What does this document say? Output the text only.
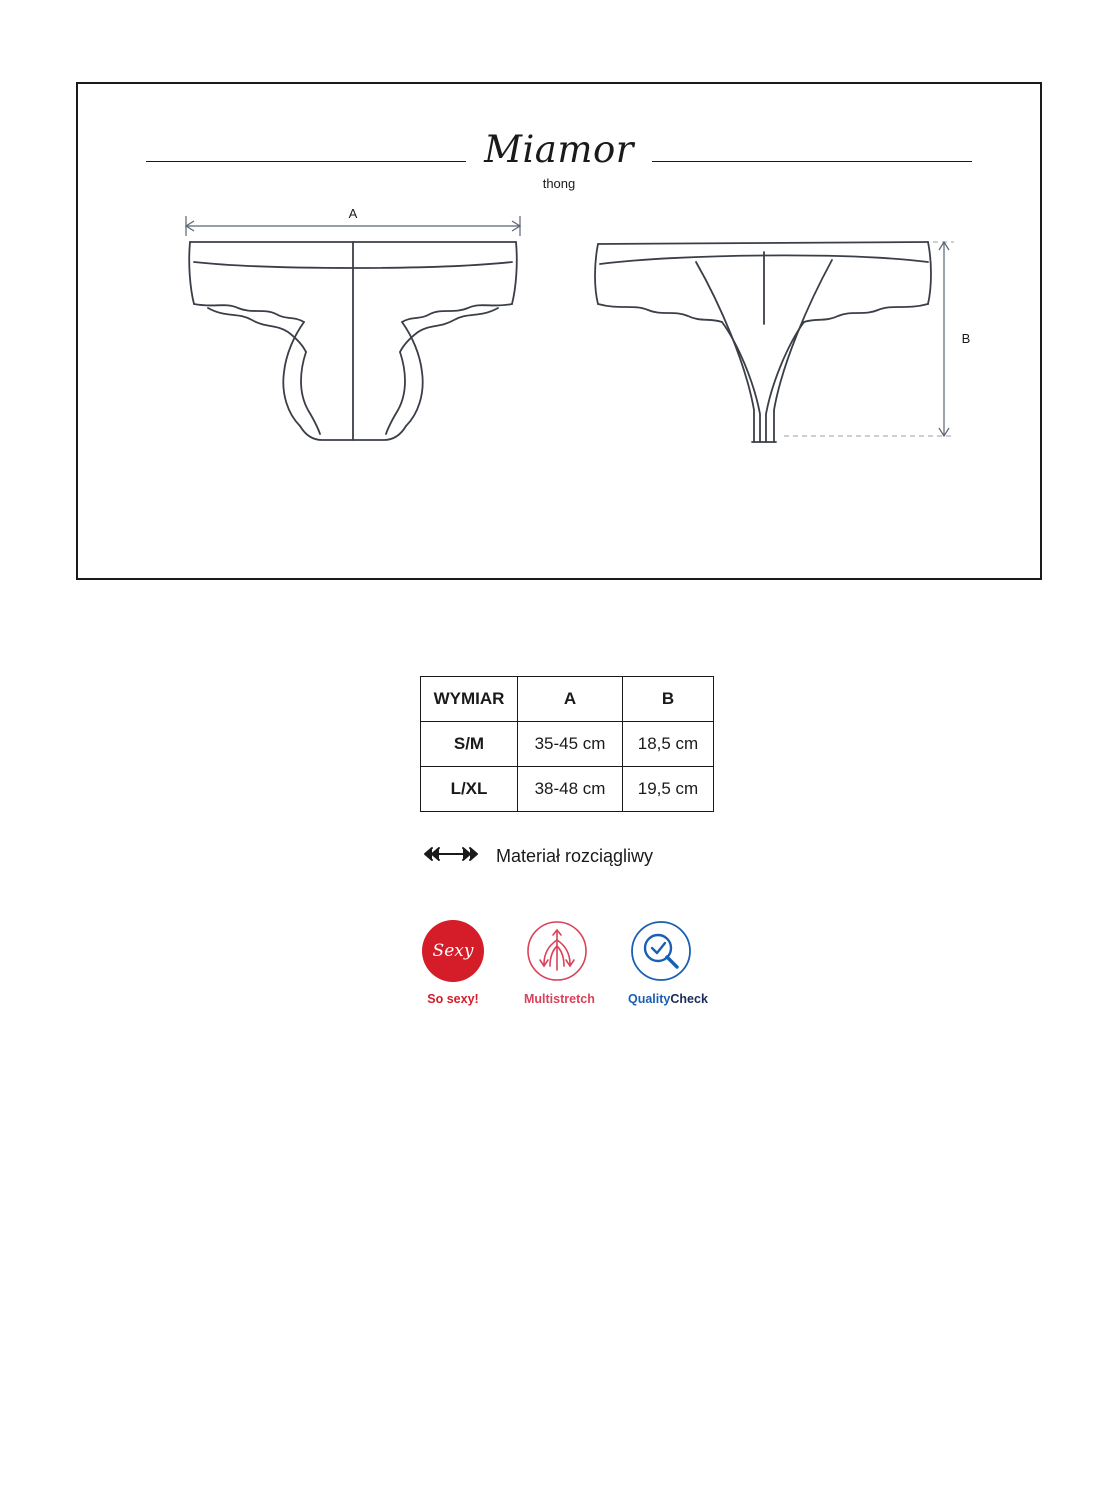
Miamor
thong
A
B
WYMIAR	A	B
S/M	35-45 cm	18,5 cm
L/XL	38-48 cm	19,5 cm
Materiał rozciągliwy
Sexy
So sexy!	Multistretch	QualityCheck
